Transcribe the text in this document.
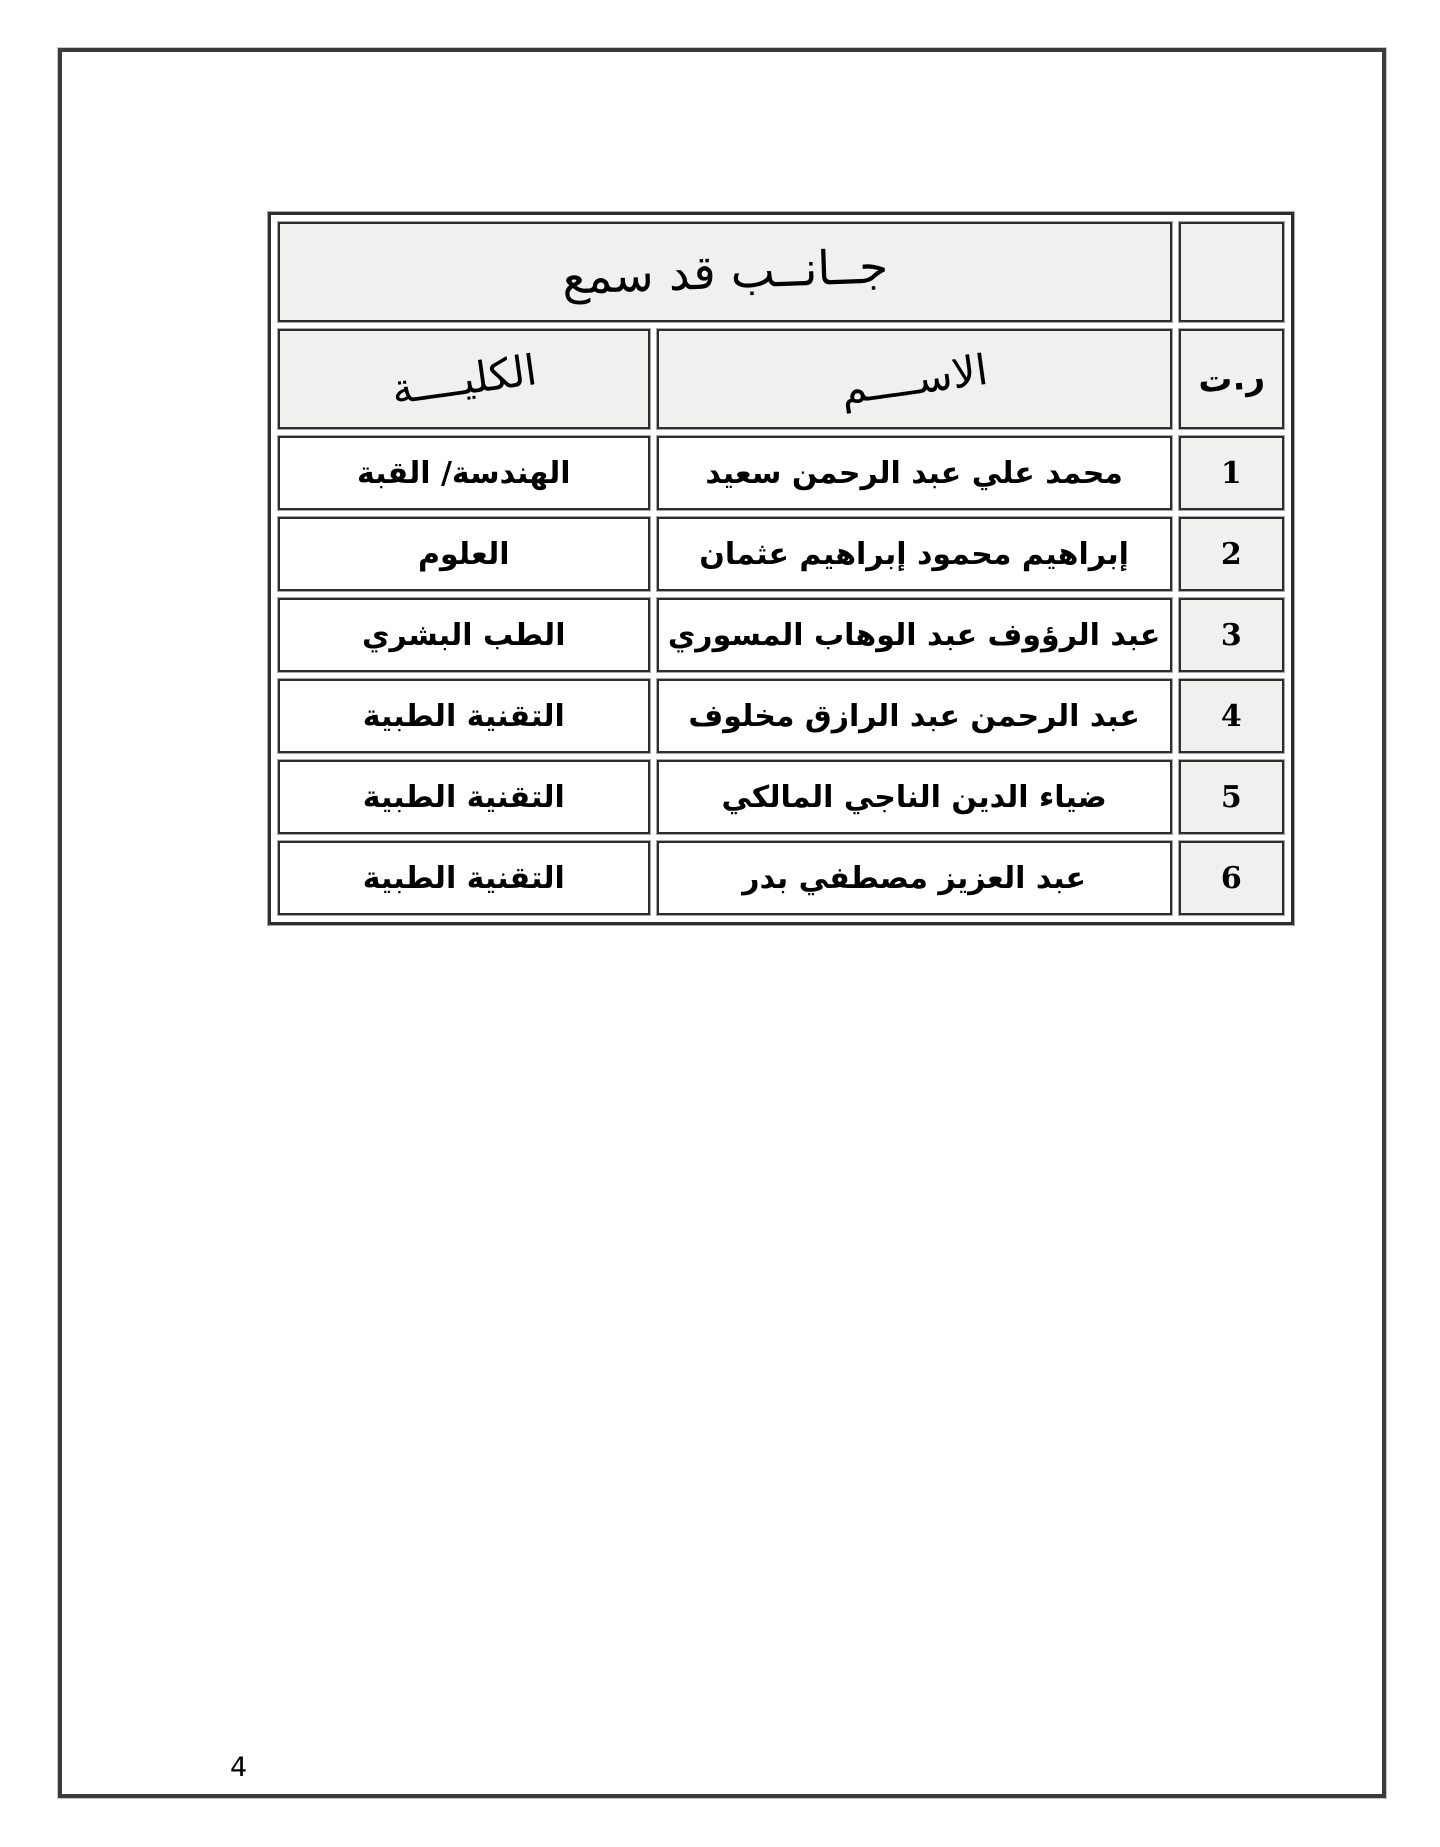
	جــانــب قد سمع	
ر.ت	الاســــم	الكليــــة
1	محمد علي عبد الرحمن سعيد	الهندسة/ القبة
2	إبراهيم محمود إبراهيم عثمان	العلوم
3	عبد الرؤوف عبد الوهاب المسوري	الطب البشري
4	عبد الرحمن عبد الرازق مخلوف	التقنية الطبية
5	ضياء الدين الناجي المالكي	التقنية الطبية
6	عبد العزيز مصطفي بدر	التقنية الطبية
4
